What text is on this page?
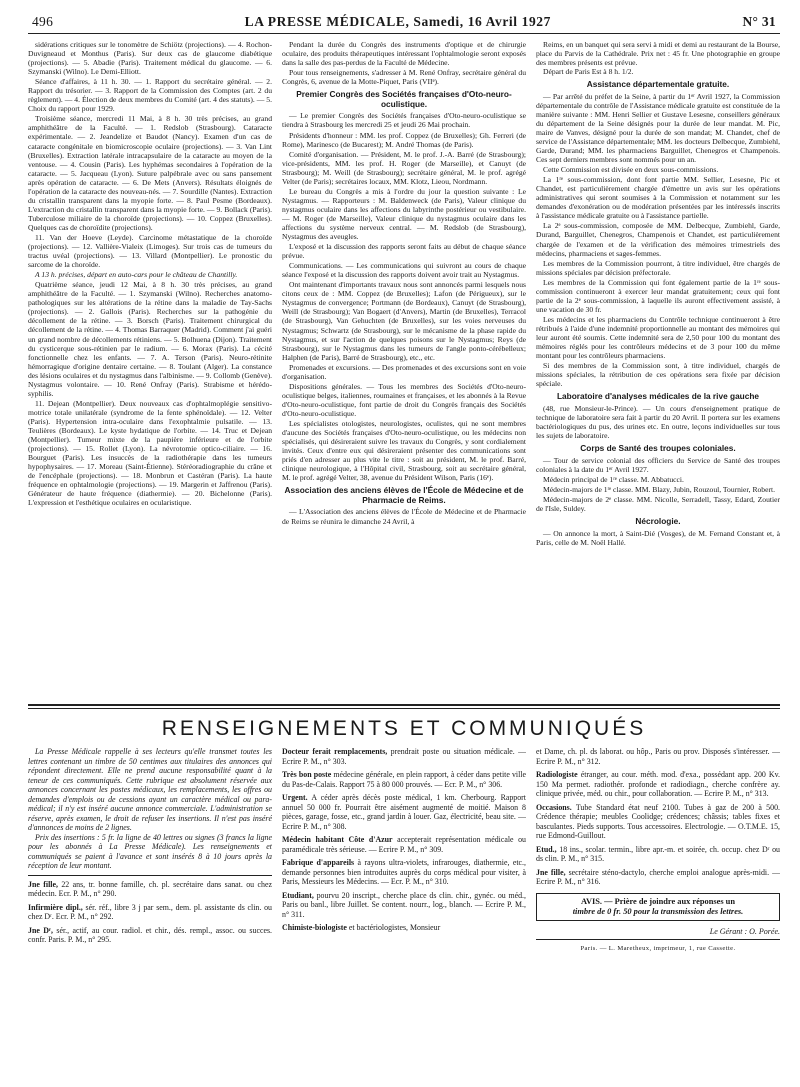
496	LA PRESSE MÉDICALE, Samedi, 16 Avril 1927	N° 31

sidérations critiques sur le tonomètre de Schiötz (projections). — 4. Rochon-Duvigneaud et Monthus (Paris). Sur deux cas de glaucome diabétique (projections). — 5. Abadie (Paris). Traitement médical du glaucome. — 6. Szymanski (Wilno). Le Demi-Elliott.

Séance d'affaires, à 11 h. 30. — 1. Rapport du secrétaire général. — 2. Rapport du trésorier. — 3. Rapport de la Commission des Comptes (art. 2 du règlement). — 4. Élection de deux membres du Comité (art. 4 des statuts). — 5. Choix du rapport pour 1929.

Troisième séance, mercredi 11 Mai, à 8 h. 30 très précises, au grand amphithéâtre de la Faculté. — 1. Redslob (Strasbourg). Cataracte expérimentale. — 2. Jeandelize et Baudot (Nancy). Examen d'un cas de cataracte congénitale en biomicroscopie oculaire (projections). — 3. Van Lint (Bruxelles). Extraction latérale intracapsulaire de la cataracte au moyen de la ventouse. — 4. Cousin (Paris). Les hyphémas secondaires à l'opération de la cataracte. — 5. Jacqueau (Lyon). Suture palpébrale avec ou sans pansement après opération de cataracte. — 6. De Mets (Anvers). Résultats éloignés de l'opération de la cataracte des nouveau-nés. — 7. Sourdille (Nantes). Extraction du cristallin transparent dans la myopie forte. — 8. Paul Pesme (Bordeaux). L'extraction du cristallin transparent dans la myopie forte. — 9. Bollack (Paris). Tuberculose miliaire de la choroïde (projections). — 10. Coppez (Bruxelles). Quelques cas de choroïdite (projections).

11. Van der Hoeve (Leyde). Carcinome métastatique de la choroïde (projections). — 12. Vallière-Vialeix (Limoges). Sur trois cas de tumeurs du tractus uvéal (projections). — 13. Villard (Montpellier). Le pronostic du sarcome de la choroïde.

A 13 h. précises, départ en auto-cars pour le château de Chantilly.

Quatrième séance, jeudi 12 Mai, à 8 h. 30 très précises, au grand amphithéâtre de la Faculté. — 1. Szymanski (Wilno). Recherches anatomo-pathologiques sur les altérations de la rétine dans la maladie de Tay-Sachs (projections). — 2. Gallois (Paris). Recherches sur la pathogénie du décollement de la rétine. — 3. Borsch (Paris). Traitement chirurgical du décollement de la rétine. — 4. Thomas Barraquer (Madrid). Comment j'ai guéri un grand nombre de décollements rétiniens. — 5. Bolhuena (Dijon). Traitement du cysticerque sous-rétinien par le radium. — 6. Morax (Paris). La cécité fonctionnelle chez les enfants. — 7. A. Terson (Paris). Neuro-rétinite hémorragique d'origine dentaire certaine. — 8. Toulant (Alger). La constance des lésions oculaires et du nystagmus dans l'albinisme. — 9. Collomb (Genève). Nystagmus volontaire. — 10. René Onfray (Paris). Strabisme et hérédo-syphilis.

11. Dejean (Montpellier). Deux nouveaux cas d'ophtalmoplégie sensitivo-motrice totale unilatérale (syndrome de la fente sphénoïdale). — 12. Velter (Paris). Hypertension intra-oculaire dans l'exophtalmie pulsatile. — 13. Teulières (Bordeaux). Le kyste hydatique de l'orbite. — 14. Truc et Dejean (Montpellier). Tumeur mixte de la paupière inférieure et de l'orbite (projections). — 15. Rollet (Lyon). La névrotomie optico-ciliaire. — 16. Bourguet (Paris). Les insuccès de la radiothérapie dans les tumeurs hypophysaires. — 17. Moreau (Saint-Étienne). Stéréoradiographie du crâne et de l'encéphale (projections). — 18. Monbrun et Castéran (Paris). La haute fréquence en ophtalmologie (projections). — 19. Margerin et Jaffrenou (Paris). Générateur de haute fréquence (diathermie). — 20. Bichelonne (Paris). L'expression et l'esthétique oculaires en ocularistique.

Pendant la durée du Congrès des instruments d'optique et de chirurgie oculaire, des produits thérapeutiques intéressant l'ophtalmologie seront exposés dans la salle des pas-perdus de la Faculté de Médecine.

Pour tous renseignements, s'adresser à M. René Onfray, secrétaire général du Congrès, 6, avenue de la Motte-Piquet, Paris (VIIᵉ).

Premier Congrès des Sociétés françaises d'Oto-neuro-oculistique.

— Le premier Congrès des Sociétés françaises d'Oto-neuro-oculistique se tiendra à Strasbourg les mercredi 25 et jeudi 26 Mai prochain.

Présidents d'honneur : MM. les prof. Coppez (de Bruxelles); Gh. Ferreri (de Rome), Marinesco (de Bucarest); M. André Thomas (de Paris).

Comité d'organisation. — Président, M. le prof. J.-A. Barré (de Strasbourg); vice-présidents, MM. les prof. H. Roger (de Marseille), et Canuyt (de Strasbourg); M. Weill (de Strasbourg); secrétaire général, M. le prof. agrégé Velter (de Paris); secrétaires locaux, MM. Klotz, Lieou, Nordmann.

Le bureau du Congrès a mis à l'ordre du jour la question suivante : Le Nystagmus. — Rapporteurs : M. Baldenweck (de Paris), Valeur clinique du nystagmus oculaire dans les affections du labyrinthe postérieur ou vestibulaire. — M. Roger (de Marseille), Valeur clinique du nystagmus oculaire dans les affections du système nerveux central. — M. Redslob (de Strasbourg), Nystagmus des aveugles.

L'exposé et la discussion des rapports seront faits au début de chaque séance prévue.

Communications. — Les communications qui suivront au cours de chaque séance l'exposé et la discussion des rapports doivent avoir trait au Nystagmus.

Ont maintenant d'importants travaux nous sont annoncés parmi lesquels nous citons ceux de : MM. Coppez (de Bruxelles); Lafon (de Périgueux), sur le Nystagmus de convergence; Portmann (de Bordeaux), Canuyt (de Strasbourg), Weill (de Strasbourg); Van Bogaert (d'Anvers), Martin (de Bruxelles), Terracol (de Strasbourg), Van Gehuchten (de Bruxelles), sur les voies nerveuses du Nystagmus; Schwartz (de Strasbourg), sur le mécanisme de la phase rapide du Nystagmus, et sur l'action de quelques poisons sur le Nystagmus; Reys (de Strasbourg), sur le Nystagmus dans les tumeurs de l'angle ponto-cérébelleux; Halphen (de Paris), Barré de Strasbourg), etc., etc.

Promenades et excursions. — Des promenades et des excursions sont en voie d'organisation.

Dispositions générales. — Tous les membres des Sociétés d'Oto-neuro-oculistique belges, italiennes, roumaines et françaises, et les abonnés à la Revue d'Oto-neuro-oculistique, font partie de droit du Congrès français des Sociétés d'Oto-neuro-oculistique.

Les spécialistes otologistes, neurologistes, oculistes, qui ne sont membres d'aucune des Sociétés françaises d'Oto-neuro-oculistique, ou les médecins non spécialisés, qui désireraient suivre les travaux du Congrès, y sont cordialement invités. Ceux d'entre eux qui désireraient présenter des communications sont priés d'en adresser au plus vite le titre : soit au président, M. le prof. Barré, clinique neurologique, à l'Hôpital civil, Strasbourg, soit au secrétaire général, M. le prof. agrégé Velter, 38, avenue du Président Wilson, Paris (16ᵉ).

Association des anciens élèves de l'École de Médecine et de Pharmacie de Reims.

— L'Association des anciens élèves de l'École de Médecine et de Pharmacie de Reims se réunira le dimanche 24 Avril, à

Reims, en un banquet qui sera servi à midi et demi au restaurant de la Bourse, place du Parvis de la Cathédrale. Prix net : 45 fr. Une photographie en groupe des membres présents est prévue.

Départ de Paris Est à 8 h. 1/2.

Assistance départementale gratuite.

— Par arrêté du préfet de la Seine, à partir du 1ᵉʳ Avril 1927, la Commission départementale du contrôle de l'Assistance médicale gratuite est constituée de la manière suivante : MM. Henri Sellier et Gustave Lesesne, conseillers généraux du département de la Seine désignés pour la durée de leur mandat. M. Pic, maire de Vanves, désigné pour la durée de son mandat; M. Chandet, chef de service de l'Assistance départementale; MM. les docteurs Delbecque, Zumbiehl, Garde, Durand; MM. les pharmaciens Barguillet, Chenegros et Champenois. Ces sept derniers membres sont nommés pour un an.

Cette Commission est divisée en deux sous-commissions.

La 1ʳᵉ sous-commission, dont font partie MM. Sellier, Lesesne, Pic et Chandet, est particulièrement chargée d'émettre un avis sur les opérations administratives qui seront soumises à la Commission et notamment sur les demandes d'exonération ou de modération présentées par les intéressés inscrits à l'assistance médicale gratuite ou à l'assistance partielle.

La 2ᵉ sous-commission, composée de MM. Delbecque, Zumbiehl, Garde, Durand, Barguillet, Chenegros, Champenois et Chandet, est particulièrement chargée de l'examen et de la vérification des mémoires trimestriels des médecins, pharmaciens et sages-femmes.

Les membres de la Commission pourront, à titre individuel, être chargés de missions spéciales par décision préfectorale.

Les membres de la Commission qui font également partie de la 1ʳᵉ sous-commission continueront à exercer leur mandat gratuitement; ceux qui font partie de la 2ᵉ sous-commission, à laquelle ils auront effectivement assisté, à une vacation de 30 fr.

Les médecins et les pharmaciens du Contrôle technique continueront à être rétribués à l'aide d'une indemnité proportionnelle au montant des mémoires qui leur auront été soumis. Cette indemnité sera de 2,50 pour 100 du montant des mémoires réglés pour les contrôleurs médecins et de 3 pour 100 du même montant pour les contrôleurs pharmaciens.

Si des membres de la Commission sont, à titre individuel, chargés de missions spéciales, la rétribution de ces opérations sera fixée par décision spéciale.

Laboratoire d'analyses médicales de la rive gauche

(48, rue Monsieur-le-Prince). — Un cours d'enseignement pratique de technique de laboratoire sera fait à partir du 20 Avril. Il portera sur les examens bactériologiques du pus, des urines etc. En outre, leçons individuelles sur tous les sujets de laboratoire.

Corps de Santé des troupes coloniales.

— Tour de service colonial des officiers du Service de Santé des troupes coloniales à la date du 1ᵉʳ Avril 1927.

Médecin principal de 1ʳᵉ classe. M. Abbatucci.

Médecin-majors de 1ʳᵉ classe. MM. Blazy, Jubin, Rouzoul, Tournier, Robert.

Médecin-majors de 2ᵉ classe. MM. Nicolle, Serradell, Tassy, Edard, Zoutier de l'Isle, Suldey.

Nécrologie.

— On annonce la mort, à Saint-Dié (Vosges), de M. Fernand Constant et, à Paris, celle de M. Noël Hallé.

RENSEIGNEMENTS ET COMMUNIQUÉS

La Presse Médicale rappelle à ses lecteurs qu'elle transmet toutes les lettres contenant un timbre de 50 centimes aux titulaires des annonces qui répondent directement. Elle ne prend aucune responsabilité quant à la teneur de ces communiqués. Cette rubrique est absolument réservée aux annonces concernant les postes médicaux, les remplacements, les offres ou demandes d'emplois ou de cessions ayant un caractère médical ou para-médical; il n'y est inséré aucune annonce commerciale. L'administration se réserve, après examen, le droit de refuser les insertions. Il n'est pas inséré d'annonces de moins de 2 lignes.

Prix des insertions : 5 fr. la ligne de 40 lettres ou signes (3 francs la ligne pour les abonnés à La Presse Médicale). Les renseignements et communiqués se paient à l'avance et sont insérés 8 à 10 jours après la réception de leur montant.

Jne fille, 22 ans, tr. bonne famille, ch. pl. secrétaire dans sanat. ou chez médecin. Ecr. P. M., n° 290.

Infirmière dipl., sér. réf., libre 3 j par sem., dem. pl. assistante ds clin. ou chez Dʳ. Ecr. P. M., n° 292.

Jne Dʳ, sér., actif, au cour. radiol. et chir., dés. rempl., assoc. ou succes. confr. Paris. P. M., n° 295.

Docteur ferait remplacements, prendrait poste ou situation médicale. — Ecrire P. M., n° 303.

Très bon poste médecine générale, en plein rapport, à céder dans petite ville du Pas-de-Calais. Rapport 75 à 80 000 prouvés. — Ecr. P. M., n° 306.

Urgent. A céder après décès poste médical, 1 km. Cherbourg. Rapport annuel 50 000 fr. Pourrait être aisément augmenté de moitié. Maison 8 pièces, garage, fosse, etc., grand jardin à louer. Gaz, électricité, beau site. — Ecrire P. M., n° 308.

Médecin habitant Côte d'Azur accepterait représentation médicale ou paramédicale très sérieuse. — Ecrire P. M., n° 309.

Fabrique d'appareils à rayons ultra-violets, infrarouges, diathermie, etc., demande personnes bien introduites auprès du corps médical pour visiter, à Paris, Messieurs les Médecins. — Ecr. P. M., n° 310.

Etudiant, pourvu 20 inscript., cherche place ds clin. chir., gynéc. ou méd., Paris ou banl., libre Juillet. Se content. nourr., log., blanch. — Ecrire P. M., n° 311.

Chimiste-biologiste et bactériologistes, Monsieur

et Dame, ch. pl. ds laborat. ou hôp., Paris ou prov. Disposés s'intéresser. — Ecrire P. M., n° 312.

Radiologiste étranger, au cour. méth. mod. d'exa., possédant app. 200 Kv. 150 Ma permet. radiothér. profonde et radiodiagn., cherche confrère ay. clinique privée, méd. ou chir., pour collaboration. — Ecrire P. M., n° 313.

Occasions. Tube Standard état neuf 2100. Tubes à gaz de 200 à 500. Crédence thérapie; meubles Coolidge; crédences; châssis; tables fixes et basculantes. Pieds supports. Tous accessoires. Electrologie. — O.T.M.E. 15, rue Edmond-Guillout.

Etud., 18 ins., scolar. termin., libre apr.-m. et soirée, ch. occup. chez Dʳ ou ds clin. P. M., n° 315.

Jne fille, secrétaire sténo-dactylo, cherche emploi analogue après-midi. — Ecrire P. M., n° 316.

AVIS. — Prière de joindre aux réponses un
timbre de 0 fr. 50 pour la transmission des lettres.
Le Gérant : O. Porée.
Paris. — L. Maretheux, imprimeur, 1, rue Cassette.
